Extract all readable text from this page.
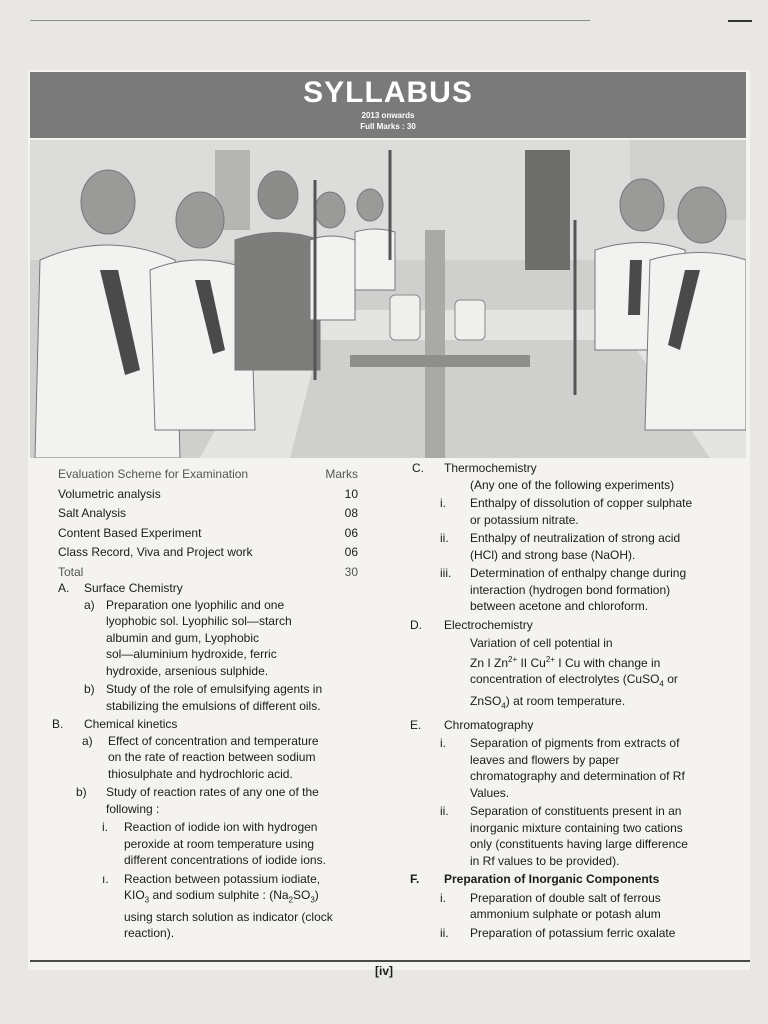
SYLLABUS
2013 onwards
Full Marks : 30
Evaluation Scheme for Examination	Marks
Volumetric analysis	10
Salt Analysis	08
Content Based Experiment	06
Class Record, Viva and Project work	06
Total	30
A.	Surface Chemistry
a) Preparation one lyophilic and one
lyophobic sol. Lyophilic sol—starch
albumin and gum, Lyophobic
sol—aluminium hydroxide, ferric
hydroxide, arsenious sulphide.
b) Study of the role of emulsifying agents in
stabilizing the emulsions of different oils.
B.	Chemical kinetics
a)	Effect of concentration and temperature
on the rate of reaction between sodium
thiosulphate and hydrochloric acid.
b)	Study of reaction rates of any one of the
following :
i.	Reaction of iodide ion with hydrogen
peroxide at room temperature using
different concentrations of iodide ions.
ı.	Reaction between potassium iodiate,
$KIO_3$ and sodium sulphite : $(Na_2SO_3)$
using starch solution as indicator (clock
reaction).
C.	Thermochemistry
(Any one of the following experiments)
i.	Enthalpy of dissolution of copper sulphate
or potassium nitrate.
ii.	Enthalpy of neutralization of strong acid
(HCl) and strong base (NaOH).
iii.	Determination of enthalpy change during
interaction (hydrogen bond formation)
between acetone and chloroform.
D.	Electrochemistry
Variation of cell potential in
Zn I $Zn^{2+}$ II $Cu^{2+}$ I Cu with change in
concentration of electrolytes (CuSO$_4$ or
ZnSO$_4$) at room temperature.
E.	Chromatography
i.	Separation of pigments from extracts of
leaves and flowers by paper
chromatography and determination of Rf
Values.
ii.	Separation of constituents present in an
inorganic mixture containing two cations
only (constituents having large difference
in Rf values to be provided).
F.	Preparation of Inorganic Components
i.	Preparation of double salt of ferrous
ammonium sulphate or potash alum
ii.	Preparation of potassium ferric oxalate
[iv]
